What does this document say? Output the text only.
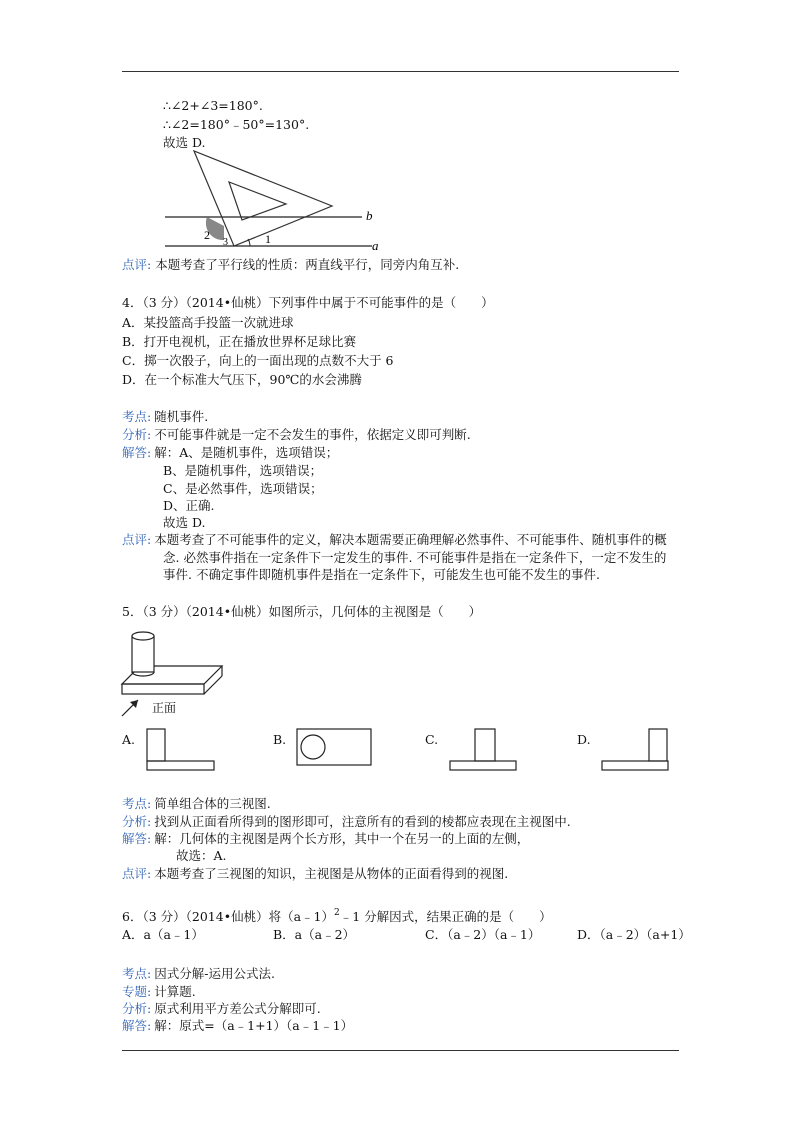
∴∠2+∠3=180°.
∴∠2=180°﹣50°=130°.
故选 D.
b
a
2
3	1
点评: 本题考查了平行线的性质：两直线平行，同旁内角互补.
4．（3 分）（2014•仙桃）下列事件中属于不可能事件的是（　　）
A．某投篮高手投篮一次就进球
B．打开电视机，正在播放世界杯足球比赛
C．掷一次骰子，向上的一面出现的点数不大于 6
D．在一个标准大气压下，90℃的水会沸腾
考点: 随机事件.
分析: 不可能事件就是一定不会发生的事件，依据定义即可判断.
解答: 解：A、是随机事件，选项错误；
B、是随机事件，选项错误；
C、是必然事件，选项错误；
D、正确.
故选 D.
点评: 本题考查了不可能事件的定义，解决本题需要正确理解必然事件、不可能事件、随机事件的概
念. 必然事件指在一定条件下一定发生的事件. 不可能事件是指在一定条件下，一定不发生的
事件. 不确定事件即随机事件是指在一定条件下，可能发生也可能不发生的事件.
5．（3 分）（2014•仙桃）如图所示，几何体的主视图是（　　）
正面
A.	B.	C.	D.
考点: 简单组合体的三视图.
分析: 找到从正面看所得到的图形即可，注意所有的看到的棱都应表现在主视图中.
解答: 解：几何体的主视图是两个长方形，其中一个在另一的上面的左侧，
故选：A.
点评: 本题考查了三视图的知识，主视图是从物体的正面看得到的视图.
6．（3 分）（2014•仙桃）将（a﹣1）$^2$﹣1 分解因式，结果正确的是（　　）
A．a（a﹣1）	B．a（a﹣2）	C．（a﹣2）（a﹣1）	D．（a﹣2）（a+1）
考点: 因式分解-运用公式法.
专题: 计算题.
分析: 原式利用平方差公式分解即可.
解答: 解：原式=（a﹣1+1）（a﹣1﹣1）
